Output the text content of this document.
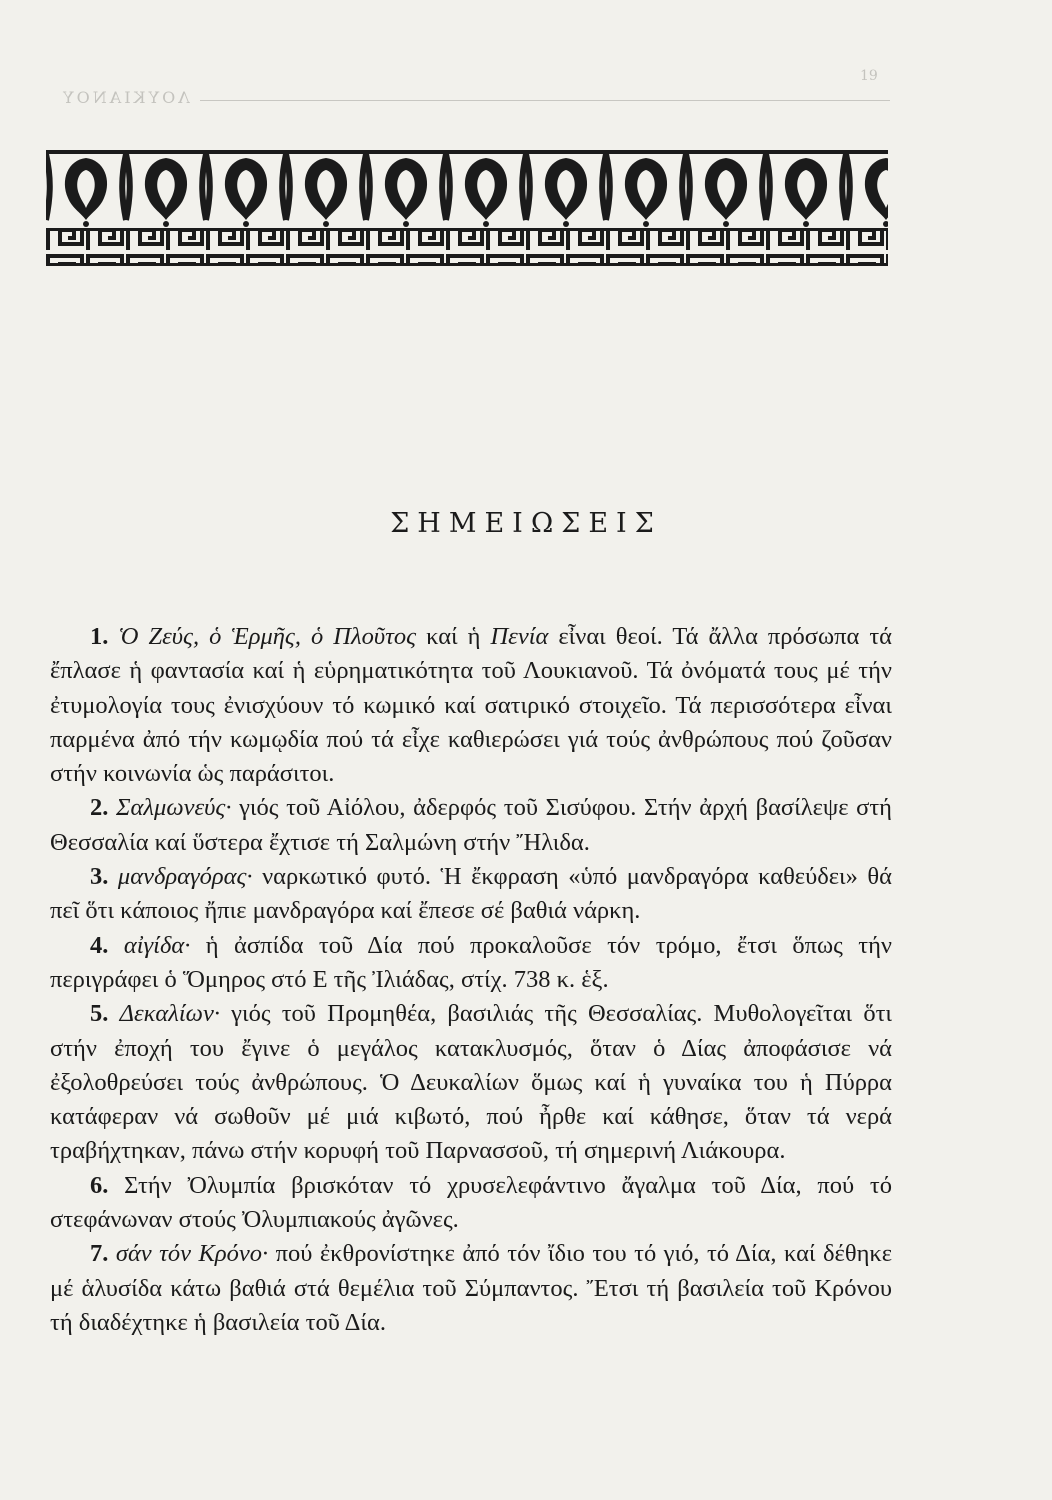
ΛΟΥΚΙΑΝΟΥ
19
ΣΗΜΕΙΩΣΕΙΣ

1. Ὁ Ζεύς, ὁ Ἑρμῆς, ὁ Πλοῦτος καί ἡ Πενία εἶναι θεοί. Τά ἄλλα πρόσωπα τά ἔπλασε ἡ φαντασία καί ἡ εὑρηματικότητα τοῦ Λουκιανοῦ. Τά ὀνόματά τους μέ τήν ἐτυμολογία τους ἐνισχύουν τό κωμικό καί σατιρικό στοιχεῖο. Τά περισσότερα εἶναι παρμένα ἀπό τήν κωμῳδία πού τά εἶχε καθιερώσει γιά τούς ἀνθρώπους πού ζοῦσαν στήν κοινωνία ὡς παράσιτοι.

2. Σαλμωνεύς· γιός τοῦ Αἰόλου, ἀδερφός τοῦ Σισύφου. Στήν ἀρχή βασίλεψε στή Θεσσαλία καί ὕστερα ἔχτισε τή Σαλμώνη στήν Ἤλιδα.

3. μανδραγόρας· ναρκωτικό φυτό. Ἡ ἔκφραση «ὑπό μανδραγόρα καθεύδει» θά πεῖ ὅτι κάποιος ἤπιε μανδραγόρα καί ἔπεσε σέ βαθιά νάρκη.

4. αἰγίδα· ἡ ἀσπίδα τοῦ Δία πού προκαλοῦσε τόν τρόμο, ἔτσι ὅπως τήν περιγράφει ὁ Ὅμηρος στό Ε τῆς Ἰλιάδας, στίχ. 738 κ. ἑξ.

5. Δεκαλίων· γιός τοῦ Προμηθέα, βασιλιάς τῆς Θεσσαλίας. Μυθολογεῖται ὅτι στήν ἐποχή του ἔγινε ὁ μεγάλος κατακλυσμός, ὅταν ὁ Δίας ἀποφάσισε νά ἐξολοθρεύσει τούς ἀνθρώπους. Ὁ Δευκαλίων ὅμως καί ἡ γυναίκα του ἡ Πύρρα κατάφεραν νά σωθοῦν μέ μιά κιβωτό, πού ἦρθε καί κάθησε, ὅταν τά νερά τραβήχτηκαν, πάνω στήν κορυφή τοῦ Παρνασσοῦ, τή σημερινή Λιάκουρα.

6. Στήν Ὀλυμπία βρισκόταν τό χρυσελεφάντινο ἄγαλμα τοῦ Δία, πού τό στεφάνωναν στούς Ὀλυμπιακούς ἀγῶνες.

7. σάν τόν Κρόνο· πού ἐκθρονίστηκε ἀπό τόν ἴδιο του τό γιό, τό Δία, καί δέθηκε μέ ἁλυσίδα κάτω βαθιά στά θεμέλια τοῦ Σύμπαντος. Ἔτσι τή βασιλεία τοῦ Κρόνου τή διαδέχτηκε ἡ βασιλεία τοῦ Δία.
